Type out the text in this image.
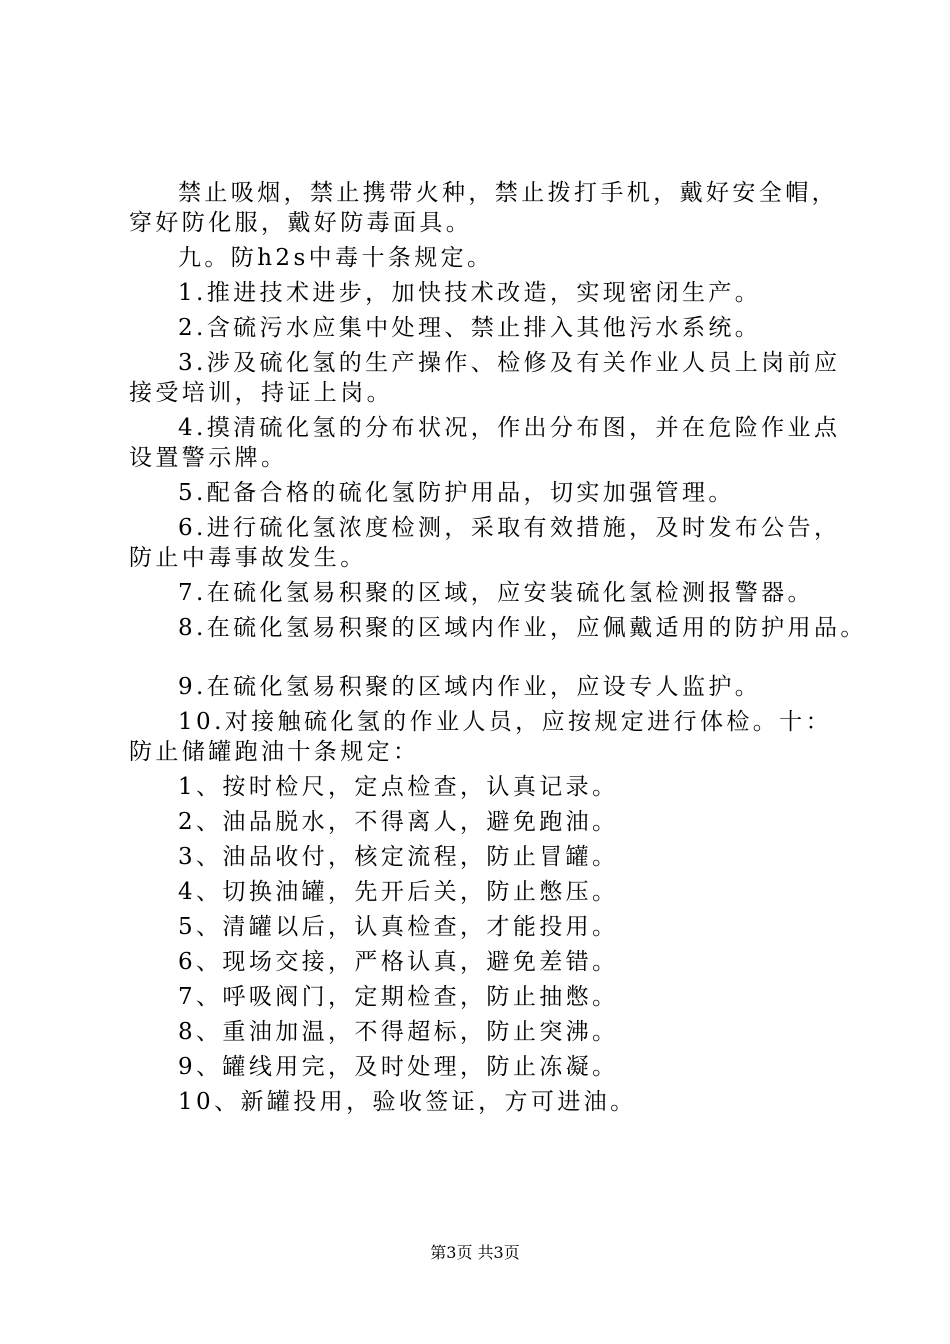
禁止吸烟，禁止携带火种，禁止拨打手机，戴好安全帽，穿好防化服，戴好防毒面具。

九。防h2s中毒十条规定。

1.推进技术进步，加快技术改造，实现密闭生产。

2.含硫污水应集中处理、禁止排入其他污水系统。

3.涉及硫化氢的生产操作、检修及有关作业人员上岗前应接受培训，持证上岗。

4.摸清硫化氢的分布状况，作出分布图，并在危险作业点设置警示牌。

5.配备合格的硫化氢防护用品，切实加强管理。

6.进行硫化氢浓度检测，采取有效措施，及时发布公告，防止中毒事故发生。

7.在硫化氢易积聚的区域，应安装硫化氢检测报警器。

8.在硫化氢易积聚的区域内作业，应佩戴适用的防护用品。

9.在硫化氢易积聚的区域内作业，应设专人监护。

10.对接触硫化氢的作业人员，应按规定进行体检。十：防止储罐跑油十条规定：

1、按时检尺，定点检查，认真记录。

2、油品脱水，不得离人，避免跑油。

3、油品收付，核定流程，防止冒罐。

4、切换油罐，先开后关，防止憋压。

5、清罐以后，认真检查，才能投用。

6、现场交接，严格认真，避免差错。

7、呼吸阀门，定期检查，防止抽憋。

8、重油加温，不得超标，防止突沸。

9、罐线用完，及时处理，防止冻凝。

10、新罐投用，验收签证，方可进油。

第3页 共3页
